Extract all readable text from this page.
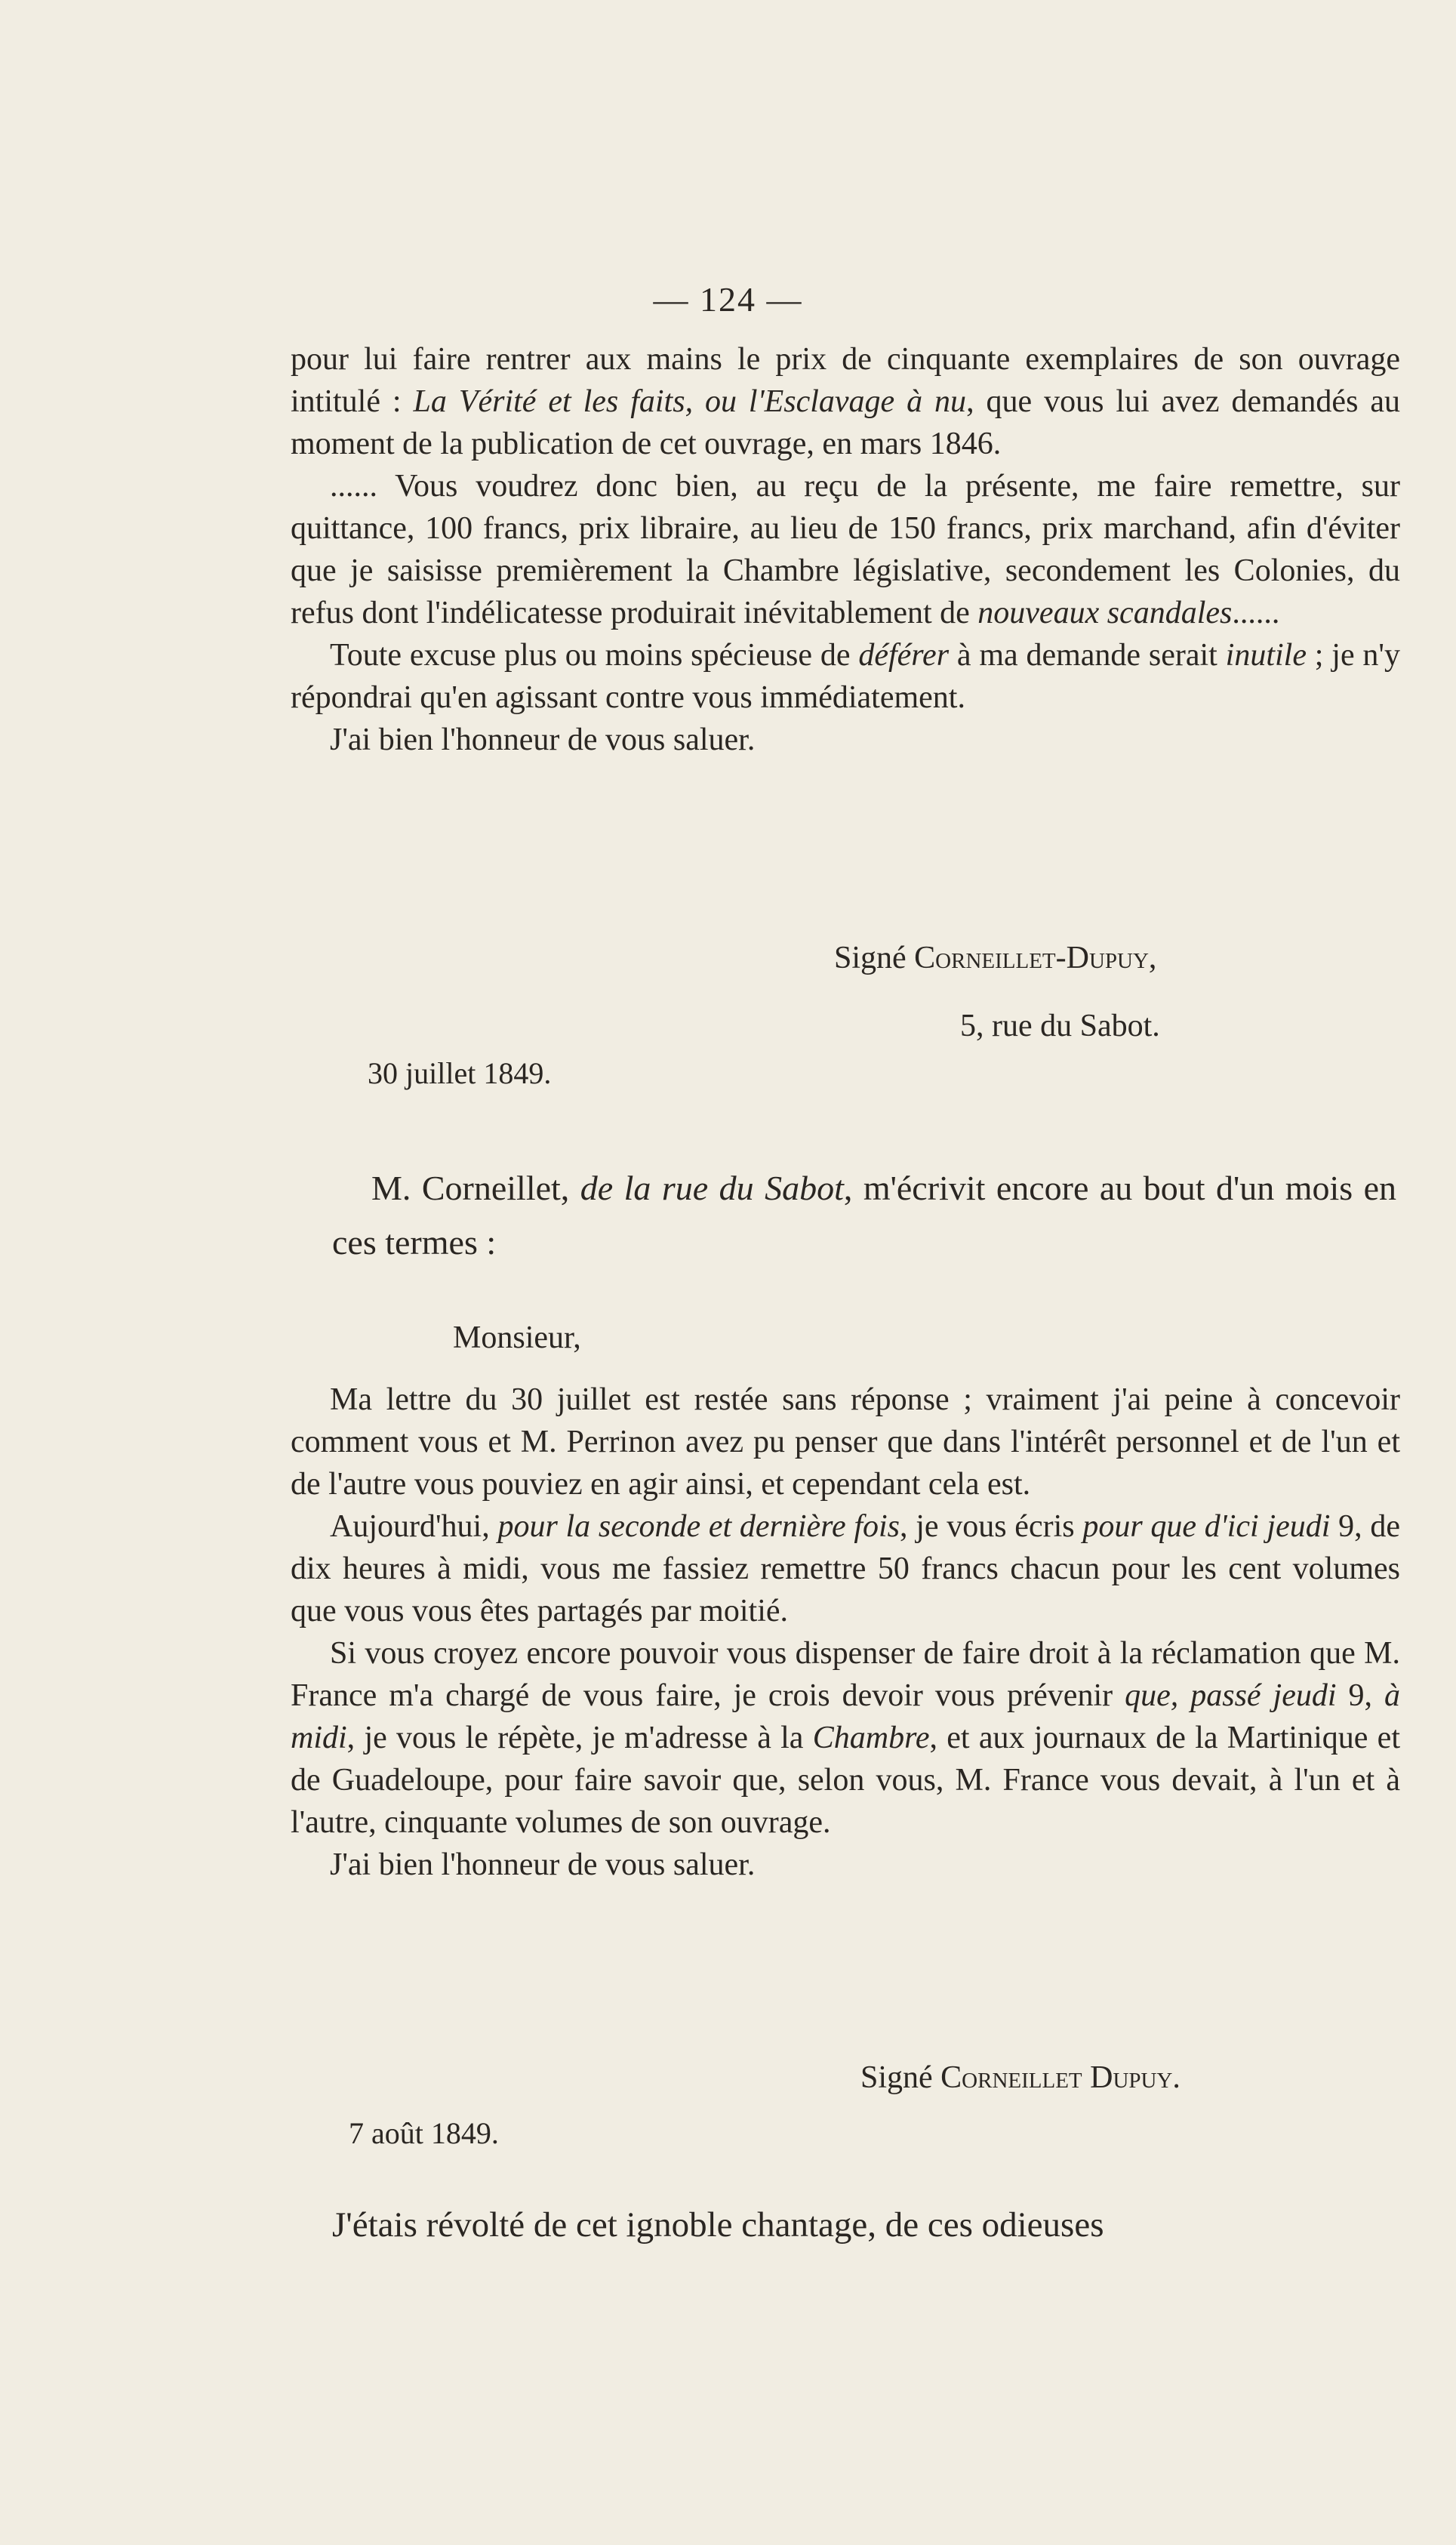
— 124 —

pour lui faire rentrer aux mains le prix de cinquante exemplaires de son ouvrage intitulé : La Vérité et les faits, ou l'Esclavage à nu, que vous lui avez demandés au moment de la publication de cet ouvrage, en mars 1846.

...... Vous voudrez donc bien, au reçu de la présente, me faire remettre, sur quittance, 100 francs, prix libraire, au lieu de 150 francs, prix marchand, afin d'éviter que je saisisse premièrement la Chambre législative, secondement les Colonies, du refus dont l'indélicatesse produirait inévitablement de nouveaux scandales......

Toute excuse plus ou moins spécieuse de déférer à ma demande serait inutile ; je n'y répondrai qu'en agissant contre vous immédiatement.

J'ai bien l'honneur de vous saluer.

Signé Corneillet-Dupuy,
5, rue du Sabot.
30 juillet 1849.

M. Corneillet, de la rue du Sabot, m'écrivit encore au bout d'un mois en ces termes :

Monsieur,

Ma lettre du 30 juillet est restée sans réponse ; vraiment j'ai peine à concevoir comment vous et M. Perrinon avez pu penser que dans l'intérêt personnel et de l'un et de l'autre vous pouviez en agir ainsi, et cependant cela est.

Aujourd'hui, pour la seconde et dernière fois, je vous écris pour que d'ici jeudi 9, de dix heures à midi, vous me fassiez remettre 50 francs chacun pour les cent volumes que vous vous êtes partagés par moitié.

Si vous croyez encore pouvoir vous dispenser de faire droit à la réclamation que M. France m'a chargé de vous faire, je crois devoir vous prévenir que, passé jeudi 9, à midi, je vous le répète, je m'adresse à la Chambre, et aux journaux de la Martinique et de Guadeloupe, pour faire savoir que, selon vous, M. France vous devait, à l'un et à l'autre, cinquante volumes de son ouvrage.

J'ai bien l'honneur de vous saluer.

Signé Corneillet Dupuy.
7 août 1849.
J'étais révolté de cet ignoble chantage, de ces odieuses
